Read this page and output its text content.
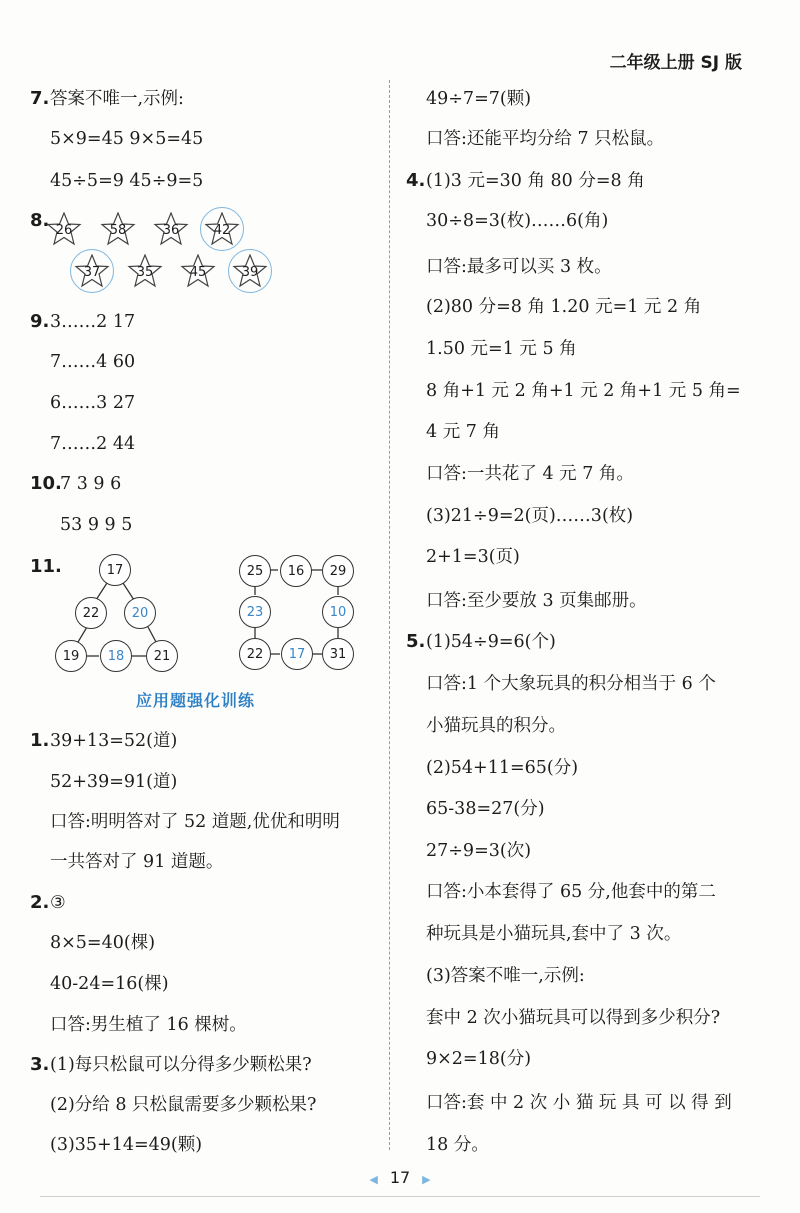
二年级上册 SJ 版
7. 答案不唯一,示例:
5×9=45 9×5=45
45÷5=9 45÷9=5
8. 26	58	36	42
37	35	45	39
9. 3……2 17
7……4 60
6……3 27
7……2 44
10.
7 3 9 6
53 9 9 5
11.	17
22	20
19	18	21
25	16	29
23	10
22	17	31
应用题强化训练
1. 39+13=52(道)
52+39=91(道)
口答:明明答对了 52 道题,优优和明明
一共答对了 91 道题。
2. ③
8×5=40(棵)
40-24=16(棵)
口答:男生植了 16 棵树。
3. (1)每只松鼠可以分得多少颗松果?
(2)分给 8 只松鼠需要多少颗松果?
(3)35+14=49(颗)
49÷7=7(颗)
口答:还能平均分给 7 只松鼠。
4. (1)3 元=30 角 80 分=8 角
30÷8=3(枚)……6(角)
口答:最多可以买 3 枚。
(2)80 分=8 角 1.20 元=1 元 2 角
1.50 元=1 元 5 角
8 角+1 元 2 角+1 元 2 角+1 元 5 角=
4 元 7 角
口答:一共花了 4 元 7 角。
(3)21÷9=2(页)……3(枚)
2+1=3(页)
口答:至少要放 3 页集邮册。
5. (1)54÷9=6(个)
口答:1 个大象玩具的积分相当于 6 个
小猫玩具的积分。
(2)54+11=65(分)
65-38=27(分)
27÷9=3(次)
口答:小本套得了 65 分,他套中的第二
种玩具是小猫玩具,套中了 3 次。
(3)答案不唯一,示例:
套中 2 次小猫玩具可以得到多少积分?
9×2=18(分)
口答:套 中 2 次 小 猫 玩 具 可 以 得 到
18 分。
◀ 17 ▶
